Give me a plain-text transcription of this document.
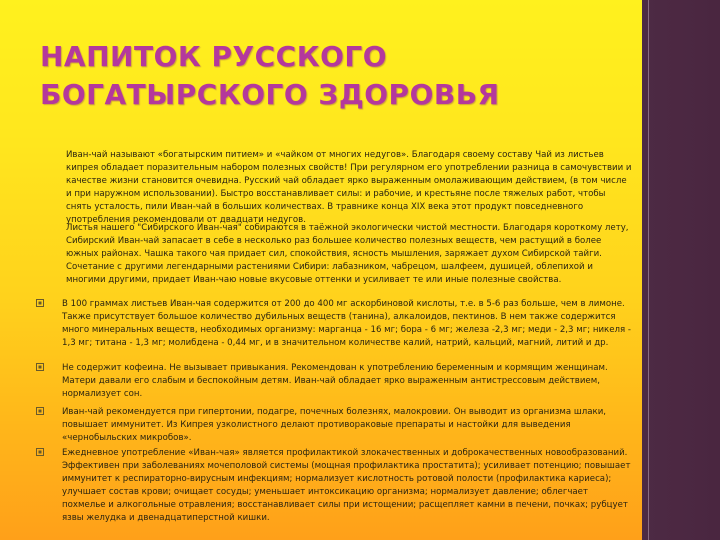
НАПИТОК РУССКОГО БОГАТЫРСКОГО ЗДОРОВЬЯ

Иван-чай называют «богатырским питием» и «чайком от многих недугов». Благодаря своему составу Чай из листьев кипрея обладает поразительным набором полезных свойств! При регулярном его употреблении разница в самочувствии и качестве жизни становится очевидна. Русский чай обладает ярко выраженным омолаживающим действием, (в том числе и при наружном использовании). Быстро восстанавливает силы: и рабочие, и крестьяне после тяжелых работ, чтобы снять усталость, пили Иван-чай в больших количествах. В травнике конца XIX века этот продукт повседневного употребления рекомендовали от двадцати недугов.

Листья нашего "Сибирского Иван-чая" собираются в таёжной экологически чистой местности. Благодаря короткому лету, Сибирский Иван-чай запасает в себе в несколько раз большее количество полезных веществ, чем растущий в более южных районах. Чашка такого чая придает сил, спокойствия, ясность мышления, заряжает духом Сибирской тайги. Сочетание с другими легендарными растениями Сибири: лабазником, чабрецом, шалфеем, душицей, облепихой и многими другими, придает Иван-чаю новые вкусовые оттенки и усиливает те или иные полезные свойства.

В 100 граммах листьев Иван-чая содержится от 200 до 400 мг аскорбиновой кислоты, т.е. в 5-6 раз больше, чем в лимоне. Также присутствует большое количество дубильных веществ (танина), алкалоидов, пектинов. В нем также содержится много минеральных веществ, необходимых организму: марганца - 16 мг; бора - 6 мг; железа -2,3 мг; меди - 2,3 мг; никеля - 1,3 мг; титана - 1,3 мг; молибдена - 0,44 мг, и в значительном количестве калий, натрий, кальций, магний, литий и др.

Не содержит кофеина. Не вызывает привыкания. Рекомендован к употреблению беременным и кормящим женщинам. Матери давали его слабым и беспокойным детям. Иван-чай обладает ярко выраженным антистрессовым действием, нормализует сон.

Иван-чай рекомендуется при гипертонии, подагре, почечных болезнях, малокровии. Он выводит из организма шлаки, повышает иммунитет. Из Кипрея узколистного делают противораковые препараты и настойки для выведения «чернобыльских микробов».

Ежедневное употребление «Иван-чая» является профилактикой злокачественных и доброкачественных новообразований. Эффективен при заболеваниях мочеполовой системы (мощная профилактика простатита); усиливает потенцию; повышает иммунитет к респираторно-вирусным инфекциям; нормализует кислотность ротовой полости (профилактика кариеса); улучшает состав крови; очищает сосуды; уменьшает интоксикацию организма; нормализует давление; облегчает похмелье и алкогольные отравления; восстанавливает силы при истощении; расщепляет камни в печени, почках; рубцует язвы желудка и двенадцатиперстной кишки.
